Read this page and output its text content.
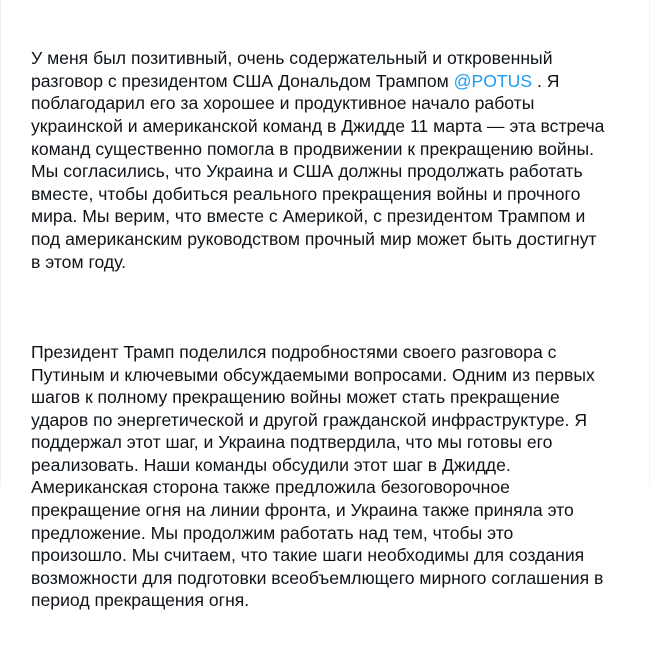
У меня был позитивный, очень содержательный и откровенный
разговор с президентом США Дональдом Трампом @POTUS . Я
поблагодарил его за хорошее и продуктивное начало работы
украинской и американской команд в Джидде 11 марта — эта встреча
команд существенно помогла в продвижении к прекращению войны.
Мы согласились, что Украина и США должны продолжать работать
вместе, чтобы добиться реального прекращения войны и прочного
мира. Мы верим, что вместе с Америкой, с президентом Трампом и
под американским руководством прочный мир может быть достигнут
в этом году.

Президент Трамп поделился подробностями своего разговора с
Путиным и ключевыми обсуждаемыми вопросами. Одним из первых
шагов к полному прекращению войны может стать прекращение
ударов по энергетической и другой гражданской инфраструктуре. Я
поддержал этот шаг, и Украина подтвердила, что мы готовы его
реализовать. Наши команды обсудили этот шаг в Джидде.
Американская сторона также предложила безоговорочное
прекращение огня на линии фронта, и Украина также приняла это
предложение. Мы продолжим работать над тем, чтобы это
произошло. Мы считаем, что такие шаги необходимы для создания
возможности для подготовки всеобъемлющего мирного соглашения в
период прекращения огня.
